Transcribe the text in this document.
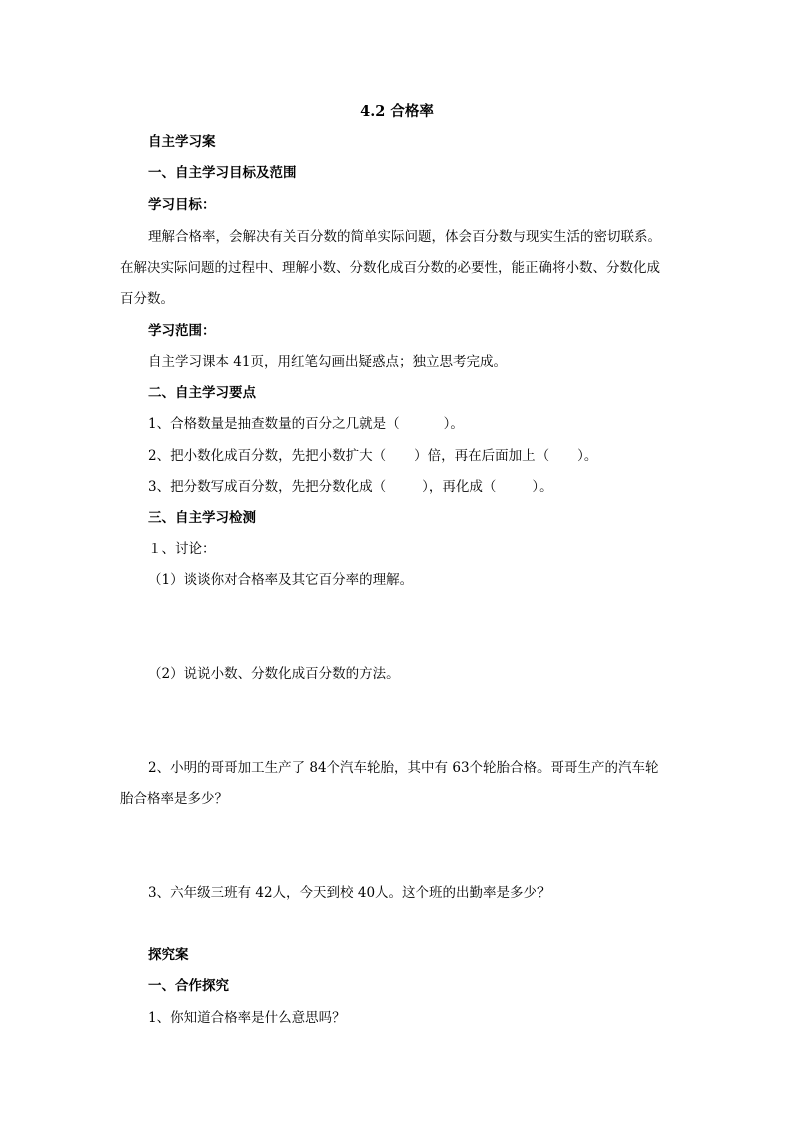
4.2 合格率
自主学习案
一、自主学习目标及范围
学习目标：
理解合格率，会解决有关百分数的简单实际问题，体会百分数与现实生活的密切联系。
在解决实际问题的过程中、理解小数、分数化成百分数的必要性，能正确将小数、分数化成
百分数。
学习范围：
自主学习课本 41页，用红笔勾画出疑惑点；独立思考完成。
二、自主学习要点
1、合格数量是抽查数量的百分之几就是（	）。
2、把小数化成百分数，先把小数扩大（ ）倍，再在后面加上（ ）。
3、把分数写成百分数，先把分数化成（	），再化成（	）。
三、自主学习检测
１、讨论：
（1）谈谈你对合格率及其它百分率的理解。
（2）说说小数、分数化成百分数的方法。
2、小明的哥哥加工生产了 84个汽车轮胎，其中有 63个轮胎合格。哥哥生产的汽车轮
胎合格率是多少？
3、六年级三班有 42人，今天到校 40人。这个班的出勤率是多少？
探究案
一、合作探究
1、你知道合格率是什么意思吗？
